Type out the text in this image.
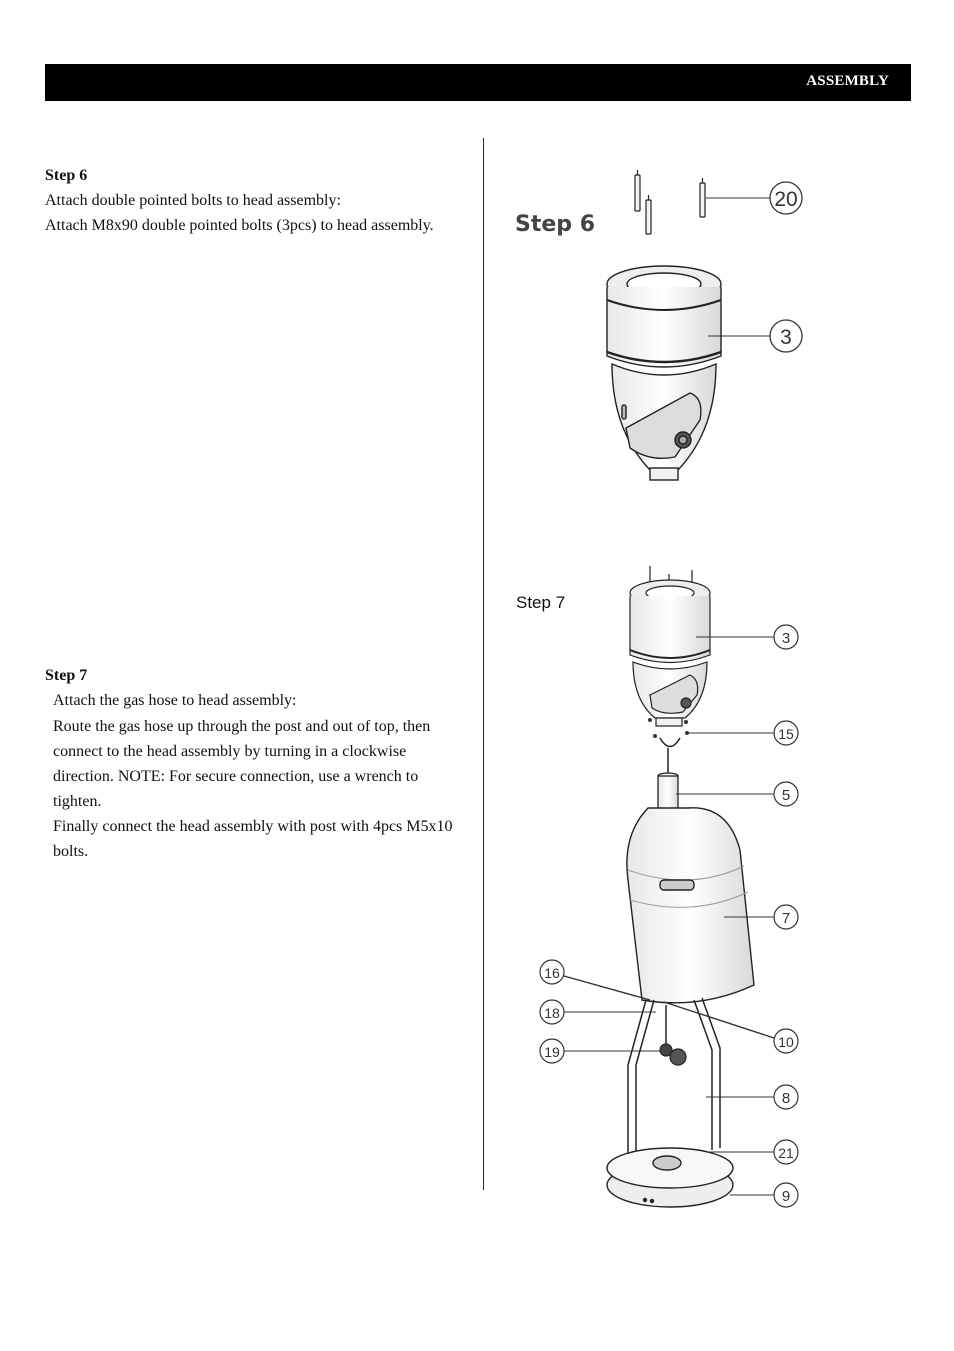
ASSEMBLY
Step 6

Attach double pointed bolts to head assembly:

Attach M8x90 double pointed bolts (3pcs) to head assembly.

Step 7

Attach the gas hose to head assembly:

Route the gas hose up through the post and out of top, then connect to the head assembly by turning in a clockwise direction. NOTE: For secure connection, use a wrench to tighten.

Finally connect the head assembly with post with 4pcs M5x10 bolts.

Step 6
20
3
Step 7
3
15
5
7
10
8
21
9
16
18
19
